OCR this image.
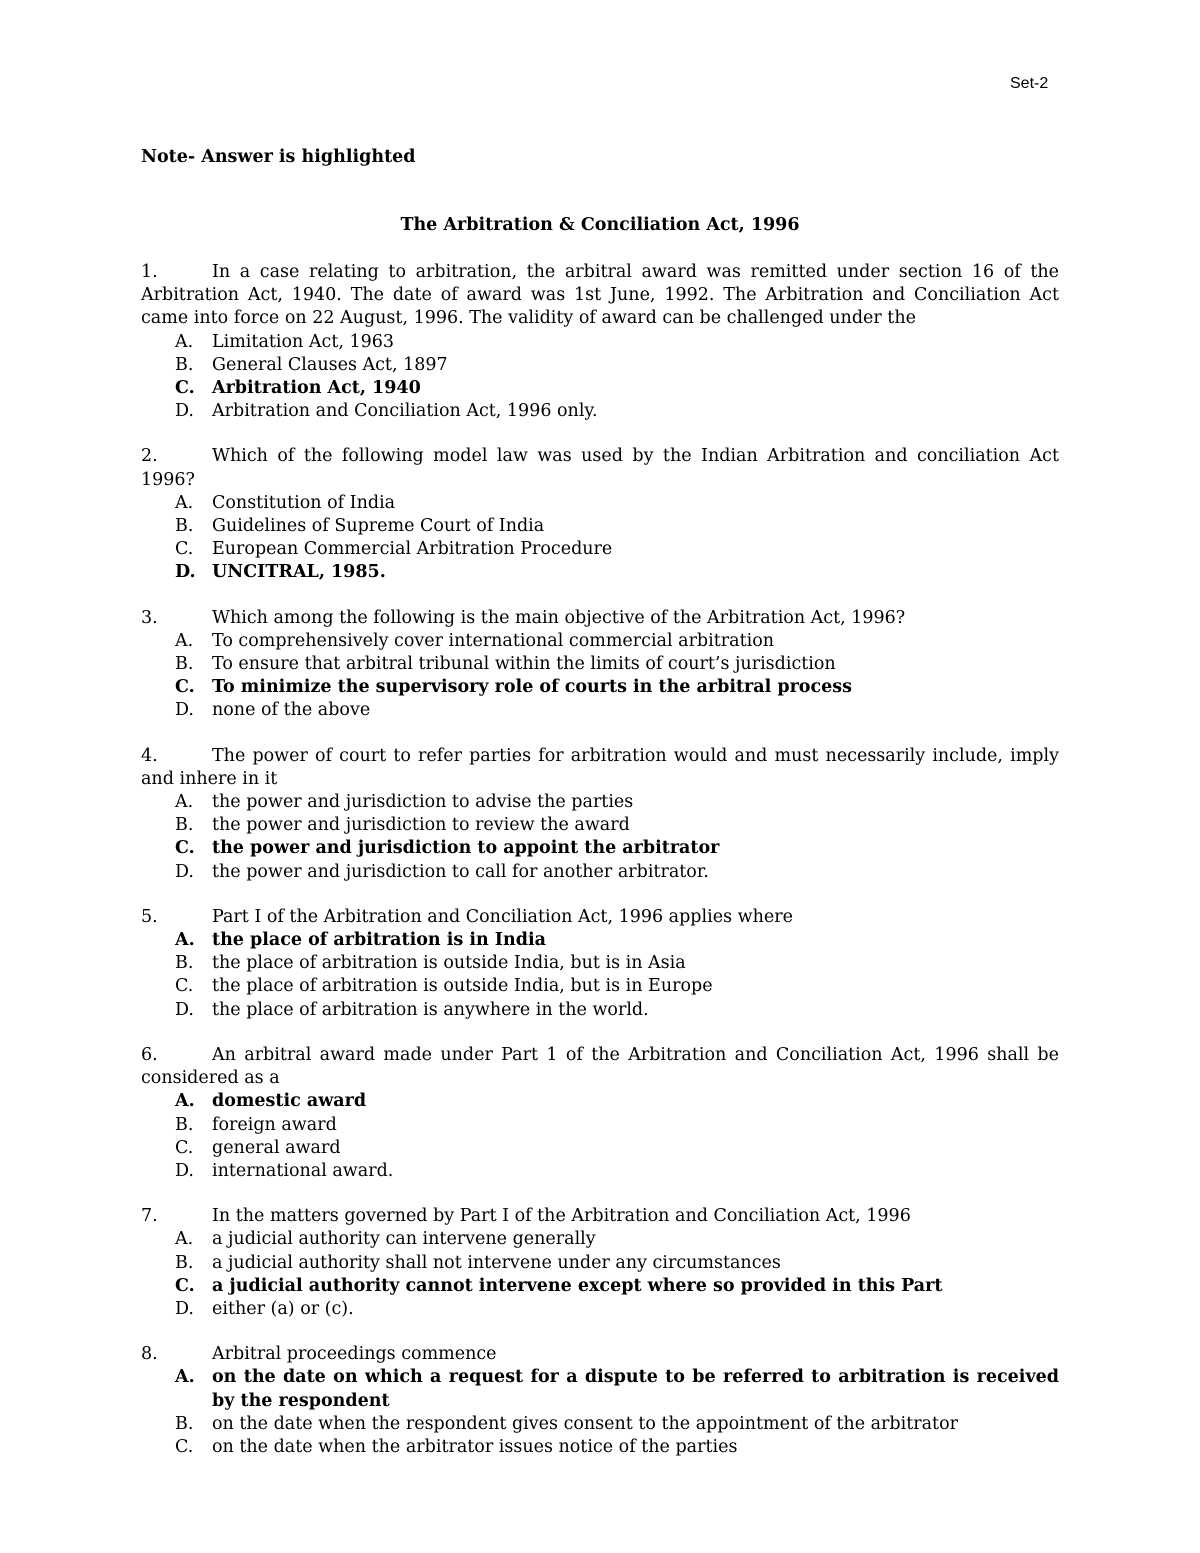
Set-2
Note- Answer is highlighted
The Arbitration & Conciliation Act, 1996
1.	In a case relating to arbitration, the arbitral award was remitted under section 16 of the Arbitration Act, 1940. The date of award was 1st June, 1992. The Arbitration and Conciliation Act came into force on 22 August, 1996. The validity of award can be challenged under the
A. Limitation Act, 1963
B. General Clauses Act, 1897
C. Arbitration Act, 1940
D. Arbitration and Conciliation Act, 1996 only.
2.	Which of the following model law was used by the Indian Arbitration and conciliation Act 1996?
A. Constitution of India
B. Guidelines of Supreme Court of India
C. European Commercial Arbitration Procedure
D. UNCITRAL, 1985.
3.	Which among the following is the main objective of the Arbitration Act, 1996?
A. To comprehensively cover international commercial arbitration
B. To ensure that arbitral tribunal within the limits of court’s jurisdiction
C. To minimize the supervisory role of courts in the arbitral process
D. none of the above
4.	The power of court to refer parties for arbitration would and must necessarily include, imply and inhere in it
A. the power and jurisdiction to advise the parties
B. the power and jurisdiction to review the award
C. the power and jurisdiction to appoint the arbitrator
D. the power and jurisdiction to call for another arbitrator.
5.	Part I of the Arbitration and Conciliation Act, 1996 applies where
A. the place of arbitration is in India
B. the place of arbitration is outside India, but is in Asia
C. the place of arbitration is outside India, but is in Europe
D. the place of arbitration is anywhere in the world.
6.	An arbitral award made under Part 1 of the Arbitration and Conciliation Act, 1996 shall be considered as a
A. domestic award
B. foreign award
C. general award
D. international award.
7.	In the matters governed by Part I of the Arbitration and Conciliation Act, 1996
A. a judicial authority can intervene generally
B. a judicial authority shall not intervene under any circumstances
C. a judicial authority cannot intervene except where so provided in this Part
D. either (a) or (c).
8.	Arbitral proceedings commence
A. on the date on which a request for a dispute to be referred to arbitration is received by the respondent
B. on the date when the respondent gives consent to the appointment of the arbitrator
C. on the date when the arbitrator issues notice of the parties
